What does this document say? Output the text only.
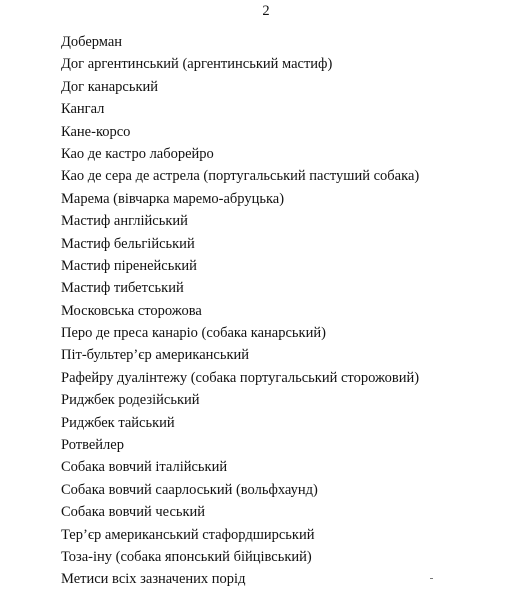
2
Доберман
Дог аргентинський (аргентинський мастиф)
Дог канарський
Кангал
Кане-корсо
Као де кастро лаборейро
Као де сера де астрела (португальський пастуший собака)
Марема (вівчарка маремо-абруцька)
Мастиф англійський
Мастиф бельгійський
Мастиф піренейський
Мастиф тибетський
Московська сторожова
Перо де преса канаріо (собака канарський)
Піт-бультер’єр американський
Рафейру дуалінтежу (собака португальський сторожовий)
Риджбек родезійський
Риджбек тайський
Ротвейлер
Собака вовчий італійський
Собака вовчий саарлоський (вольфхаунд)
Собака вовчий чеський
Тер’єр американський стафордширський
Тоза-іну (собака японський бійцівський)
Метиси всіх зазначених порід
